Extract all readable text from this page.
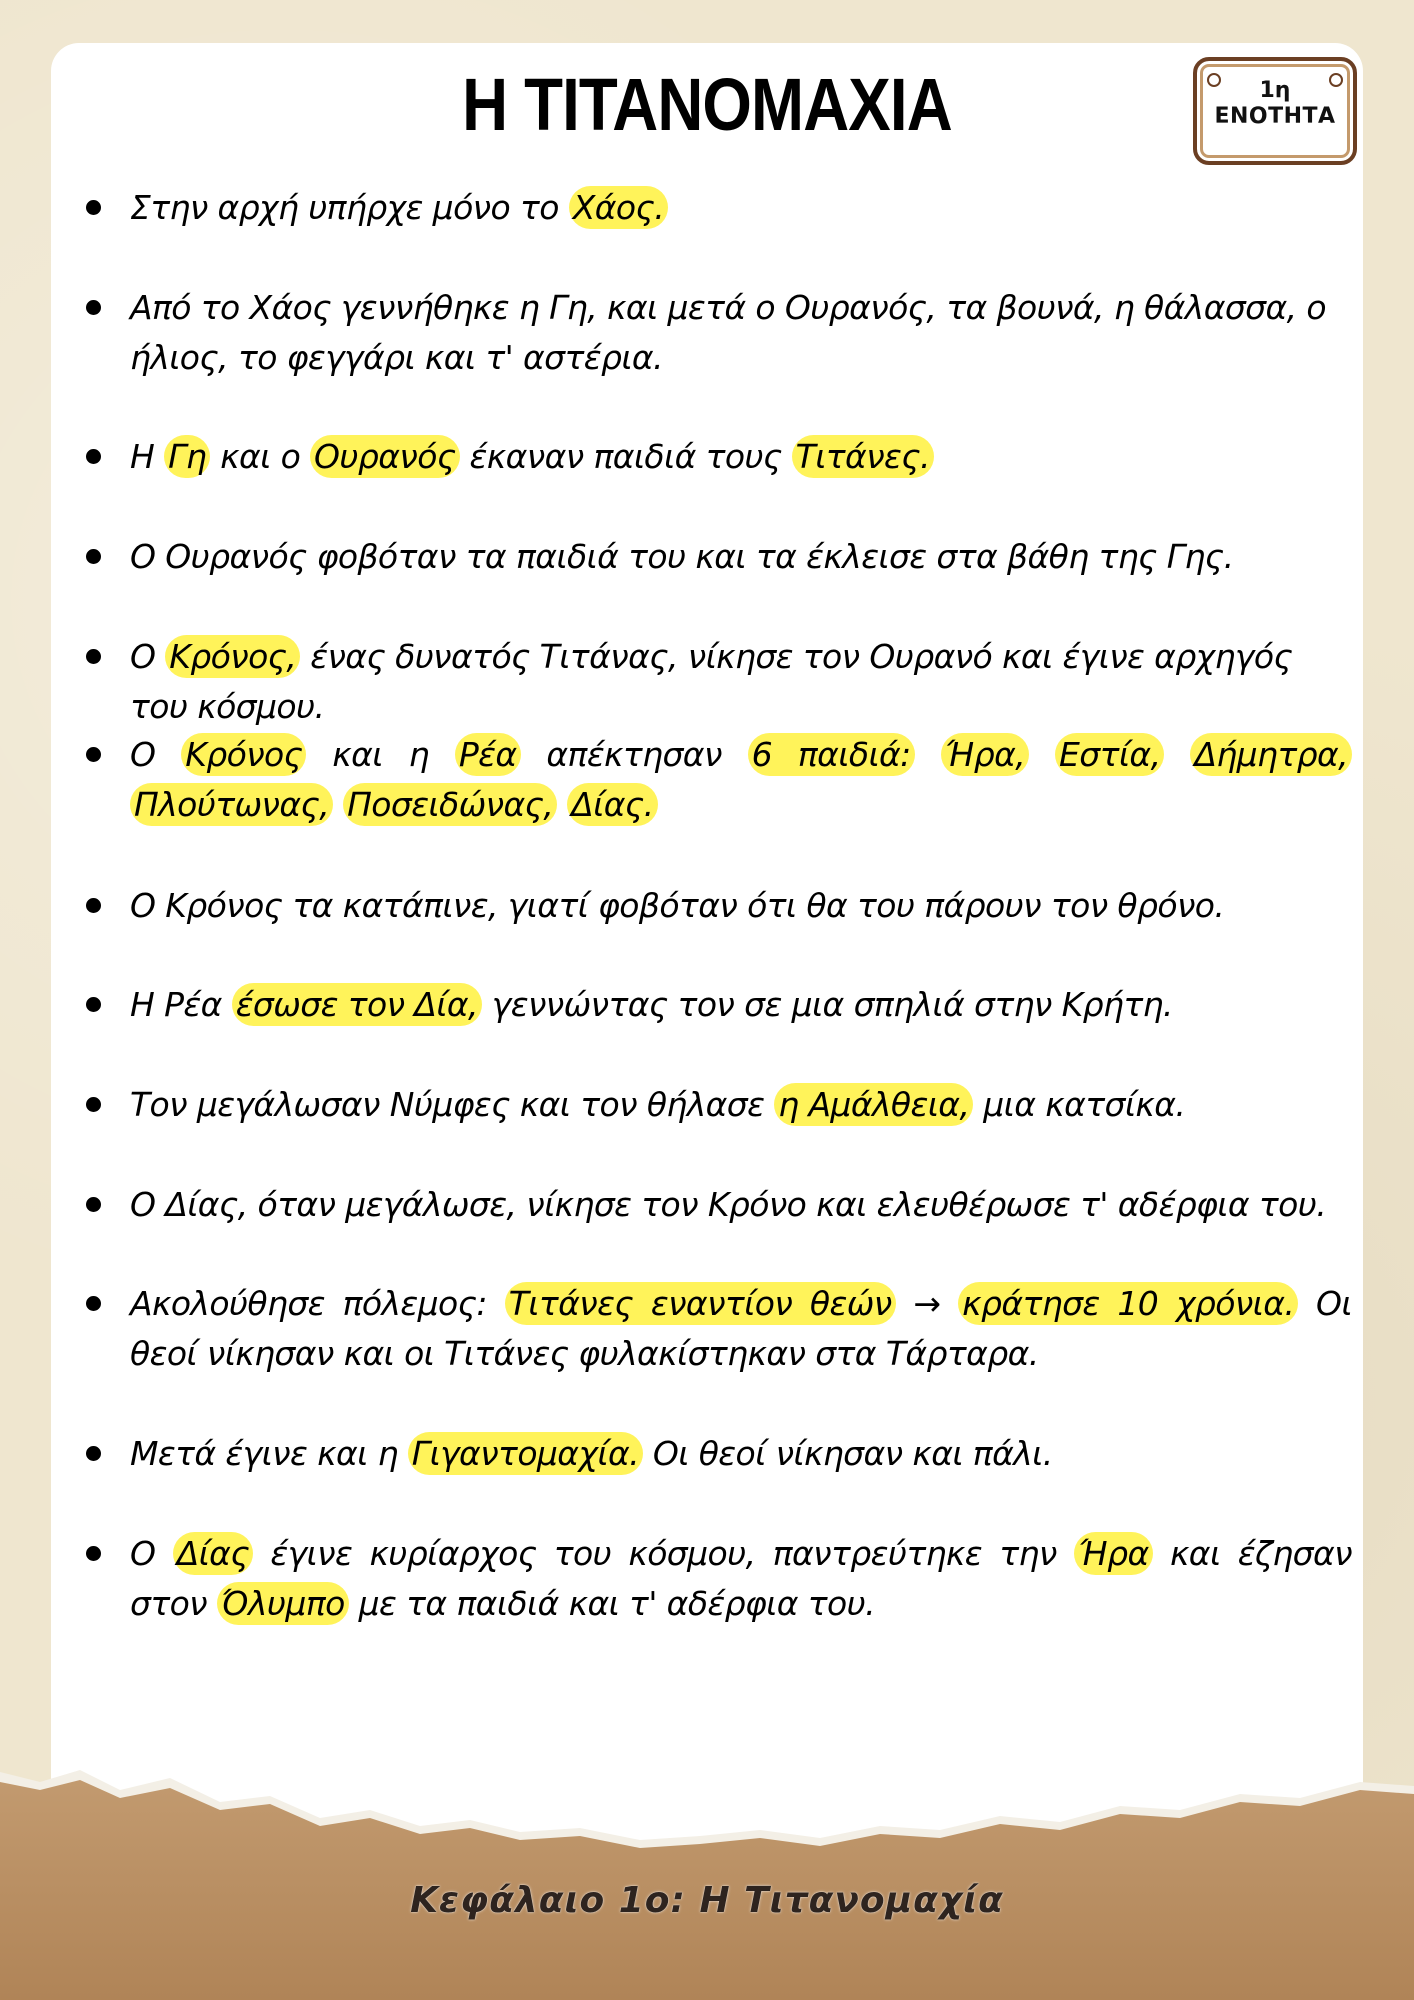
Η ΤΙΤΑΝΟΜΑΧΙΑ	1η
ΕΝΟΤΗΤΑ
Στην αρχή υπήρχε μόνο το Χάος.
Από το Χάος γεννήθηκε η Γη, και μετά ο Ουρανός, τα βουνά, η θάλασσα, ο ήλιος, το φεγγάρι και τ' αστέρια.
Η Γη και ο Ουρανός έκαναν παιδιά τους Τιτάνες.
Ο Ουρανός φοβόταν τα παιδιά του και τα έκλεισε στα βάθη της Γης.
Ο Κρόνος, ένας δυνατός Τιτάνας, νίκησε τον Ουρανό και έγινε αρχηγός του κόσμου.
Ο Κρόνος και η Ρέα απέκτησαν 6 παιδιά: Ήρα, Εστία, Δήμητρα, Πλούτωνας, Ποσειδώνας, Δίας.
Ο Κρόνος τα κατάπινε, γιατί φοβόταν ότι θα του πάρουν τον θρόνο.
Η Ρέα έσωσε τον Δία, γεννώντας τον σε μια σπηλιά στην Κρήτη.
Τον μεγάλωσαν Νύμφες και τον θήλασε η Αμάλθεια, μια κατσίκα.
Ο Δίας, όταν μεγάλωσε, νίκησε τον Κρόνο και ελευθέρωσε τ' αδέρφια του.
Ακολούθησε πόλεμος: Τιτάνες εναντίον θεών → κράτησε 10 χρόνια. Οι θεοί νίκησαν και οι Τιτάνες φυλακίστηκαν στα Τάρταρα.
Μετά έγινε και η Γιγαντομαχία. Οι θεοί νίκησαν και πάλι.
Ο Δίας έγινε κυρίαρχος του κόσμου, παντρεύτηκε την Ήρα και έζησαν στον Όλυμπο με τα παιδιά και τ' αδέρφια του.
Κεφάλαιο 1ο: Η Τιτανομαχία
